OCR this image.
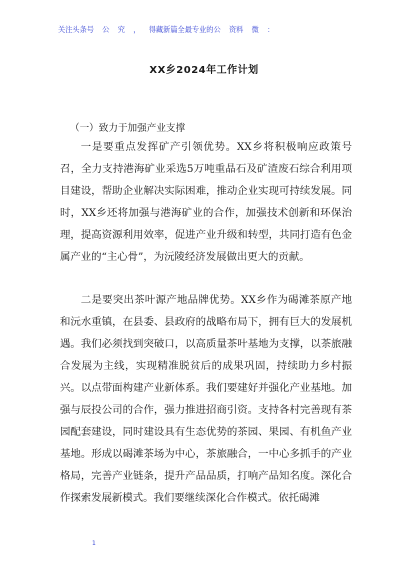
关注头条号 公 究 ， 得藏新篇全最专业的公 资料 微 ：
XX乡2024年工作计划
（一）致力于加强产业支撑

一是要重点发挥矿产引领优势。XX乡将积极响应政策号召，全力支持港海矿业采选5万吨重晶石及矿渣废石综合利用项目建设，帮助企业解决实际困难，推动企业实现可持续发展。同时，XX乡还将加强与港海矿业的合作，加强技术创新和环保治理，提高资源利用效率，促进产业升级和转型，共同打造有色金属产业的“主心骨”，为沅陵经济发展做出更大的贡献。

二是要突出茶叶源产地品牌优势。XX乡作为碣滩茶原产地和沅水重镇，在县委、县政府的战略布局下，拥有巨大的发展机遇。我们必须找到突破口，以高质量茶叶基地为支撑，以茶旅融合发展为主线，实现精准脱贫后的成果巩固，持续助力乡村振兴。以点带面构建产业新体系。我们要建好并强化产业基地。加强与辰投公司的合作，强力推进招商引资。支持各村完善现有茶园配套建设，同时建设具有生态优势的茶园、果园、有机鱼产业基地。形成以碣滩茶场为中心，茶旅融合，一中心多抓手的产业格局，完善产业链条，提升产品品质，打响产品知名度。深化合作探索发展新模式。我们要继续深化合作模式。依托碣滩

1
